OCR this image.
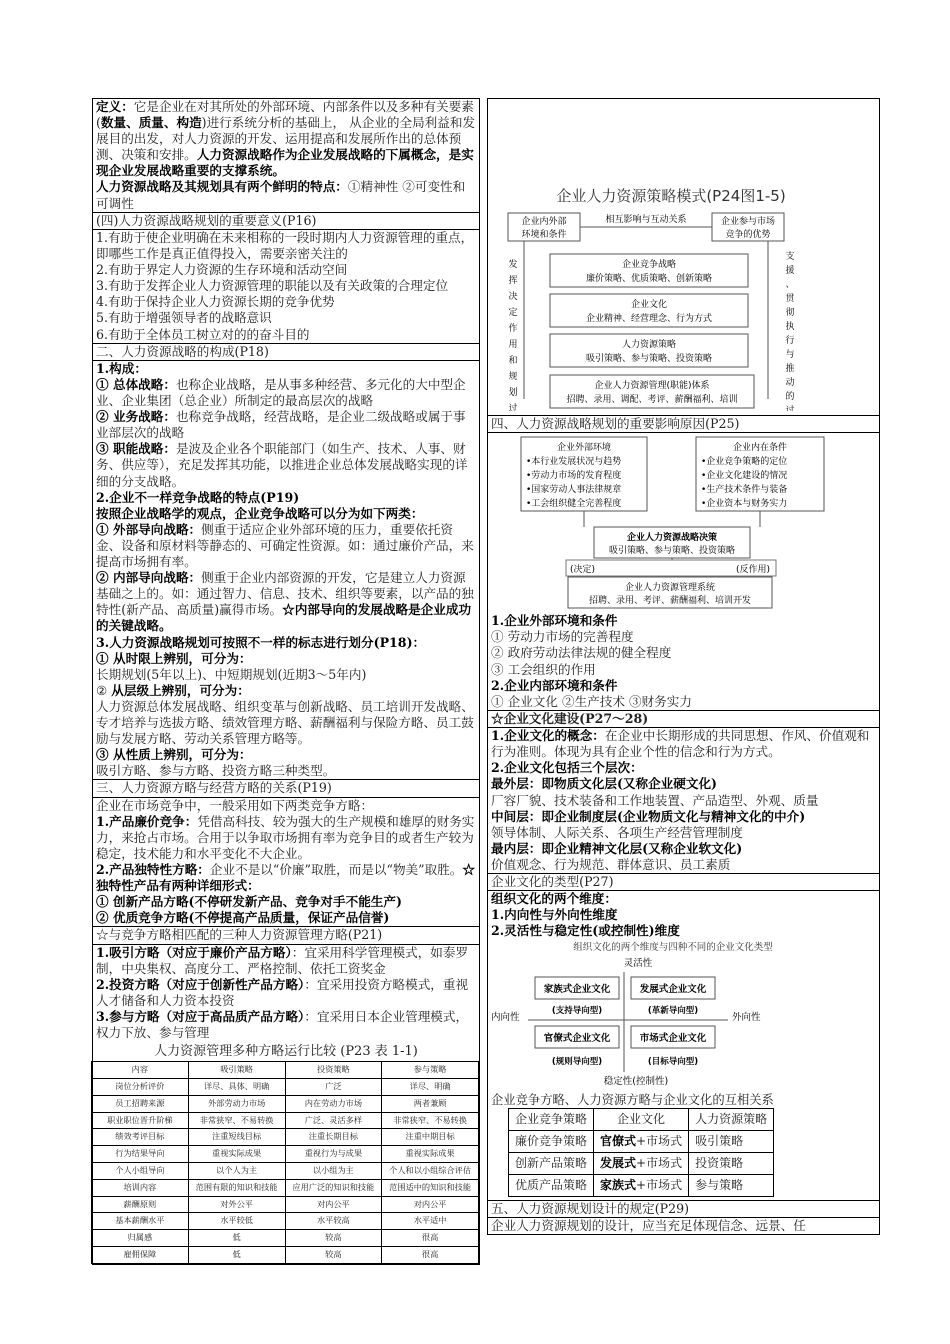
定义：它是企业在对其所处的外部环境、内部条件以及多种有关要素(数量、质量、构造)进行系统分析的基础上， 从企业的全局利益和发展目的出发，对人力资源的开发、运用提高和发展所作出的总体预测、决策和安排。人力资源战略作为企业发展战略的下属概念，是实现企业发展战略重要的支撑系统。

人力资源战略及其规划具有两个鲜明的特点：①精神性 ②可变性和可调性

(四)人力资源战略规划的重要意义(P16)

1.有助于使企业明确在未来相称的一段时期内人力资源管理的重点，即哪些工作是真正值得投入，需要亲密关注的

2.有助于界定人力资源的生存环境和活动空间

3.有助于发挥企业人力资源管理的职能以及有关政策的合理定位

4.有助于保持企业人力资源长期的竞争优势

5.有助于增强领导者的战略意识

6.有助于全体员工树立对的的奋斗目的

二、人力资源战略的构成(P18)

1.构成：

① 总体战略：也称企业战略，是从事多种经营、多元化的大中型企业、企业集团（总企业）所制定的最高层次的战略

② 业务战略：也称竞争战略，经营战略，是企业二级战略或属于事业部层次的战略

③ 职能战略：是波及企业各个职能部门（如生产、技术、人事、财务、供应等），充足发挥其功能，以推进企业总体发展战略实现的详细的分支战略。

2.企业不一样竞争战略的特点(P19)

按照企业战略学的观点，企业竞争战略可以分为如下两类：

① 外部导向战略：侧重于适应企业外部环境的压力，重要依托资金、设备和原材料等静态的、可确定性资源。如：通过廉价产品，来提高市场拥有率。

② 内部导向战略：侧重于企业内部资源的开发，它是建立人力资源基础之上的。如：通过智力、信息、技术、组织等要素，以产品的独特性(新产品、高质量)赢得市场。☆内部导向的发展战略是企业成功的关键战略。

3.人力资源战略规划可按照不一样的标志进行划分(P18)：

① 从时限上辨别，可分为：

长期规划(5年以上)、中短期规划(近期3～5年内)

② 从层级上辨别，可分为：

人力资源总体发展战略、组织变革与创新战略、员工培训开发战略、专才培养与选拔方略、绩效管理方略、薪酬福利与保险方略、员工鼓励与发展方略、劳动关系管理方略等。

③ 从性质上辨别，可分为：

吸引方略、参与方略、投资方略三种类型。

三、人力资源方略与经营方略的关系(P19)

企业在市场竞争中，一般采用如下两类竞争方略：

1.产品廉价竞争：凭借高科技、较为强大的生产规模和雄厚的财务实力，来抢占市场。合用于以争取市场拥有率为竞争目的或者生产较为稳定，技术能力和水平变化不大企业。

2.产品独特性方略：企业不是以“价廉”取胜，而是以“物美”取胜。☆独特性产品有两种详细形式：

① 创新产品方略(不停研发新产品、竞争对手不能生产)

② 优质竞争方略(不停提高产品质量，保证产品信誉)

☆与竞争方略相匹配的三种人力资源管理方略(P21)

1.吸引方略（对应于廉价产品方略）：宜采用科学管理模式，如泰罗制，中央集权、高度分工、严格控制、依托工资奖金

2.投资方略（对应于创新性产品方略）：宜采用投资方略模式，重视人才储备和人力资本投资

3.参与方略（对应于高品质产品方略）：宜采用日本企业管理模式，权力下放、参与管理

人力资源管理多种方略运行比较 (P23 表 1-1)
内容	吸引策略	投资策略	参与策略
岗位分析评价	详尽、具体、明确	广泛	详尽、明确
员工招聘来源	外部劳动力市场	内在劳动力市场	两者兼顾
职业职位晋升阶梯	非常狭窄、不易转换	广泛、灵活多样	非常狭窄、不易转换
绩效考评目标	注重短线目标	注重长期目标	注重中期目标
行为结果导向	重视实际成果	重视行为与成果	重视实际成果
个人小组导向	以个人为主	以小组为主	个人和以小组综合评估
培训内容	范围有限的知识和技能	应用广泛的知识和技能	范围适中的知识和技能
薪酬原则	对外公平	对内公平	对内公平
基本薪酬水平	水平较低	水平较高	水平适中
归属感	低	较高	很高
雇佣保障	低	较高	很高
企业人力资源策略模式(P24图1-5)
企业内外部
环境和条件
相互影响与互动关系	企业参与市场
竞争的优势
发
挥
决
定
作
用
和
规
划
过
支
援
、
贯
彻
执
行
与
推
动
的
过
企业竞争战略
廉价策略、优质策略、创新策略
企业文化
企业精神、经营理念、行为方式
人力资源策略
吸引策略、参与策略、投资策略
企业人力资源管理(职能)体系
招聘、录用、调配、考评、薪酬福利、培训
四、人力资源战略规划的重要影响原因(P25)
企业外部环境
•本行业发展状况与趋势
•劳动力市场的发育程度
•国家劳动人事法律规章
•工会组织健全完善程度
企业内在条件
•企业竞争策略的定位
•企业文化建设的情况
•生产技术条件与装备
•企业资本与财务实力
企业人力资源战略决策
吸引策略、参与策略、投资策略
(决定)	(反作用)
企业人力资源管理系统
招聘、录用、考评、薪酬福利、培训开发

1.企业外部环境和条件

① 劳动力市场的完善程度

② 政府劳动法律法规的健全程度

③ 工会组织的作用

2.企业内部环境和条件

① 企业文化 ②生产技术 ③财务实力

☆企业文化建设(P27～28)

1.企业文化的概念：在企业中长期形成的共同思想、作风、价值观和行为准则。体现为具有企业个性的信念和行为方式。

2.企业文化包括三个层次：

最外层：即物质文化层(又称企业硬文化)

厂容厂貌、技术装备和工作地装置、产品造型、外观、质量

中间层：即企业制度层(企业物质文化与精神文化的中介)

领导体制、人际关系、各项生产经营管理制度

最内层：即企业精神文化层(又称企业软文化)

价值观念、行为规范、群体意识、员工素质

企业文化的类型(P27)

组织文化的两个维度：

1.内向性与外向性维度

2.灵活性与稳定性(或控制性)维度

组织文化的两个维度与四种不同的企业文化类型
灵活性
内向性	外向性
家族式企业文化
(支持导向型)
发展式企业文化
(革新导向型)
官僚式企业文化
(规则导向型)
市场式企业文化
(目标导向型)
稳定性(控制性)

企业竞争方略、人力资源方略与企业文化的互相关系

企业竞争策略	企业文化	人力资源策略
廉价竞争策略	官僚式+市场式	吸引策略
创新产品策略	发展式+市场式	投资策略
优质产品策略	家族式+市场式	参与策略
五、人力资源规划设计的规定(P29)

企业人力资源规划的设计，应当充足体现信念、远景、任
